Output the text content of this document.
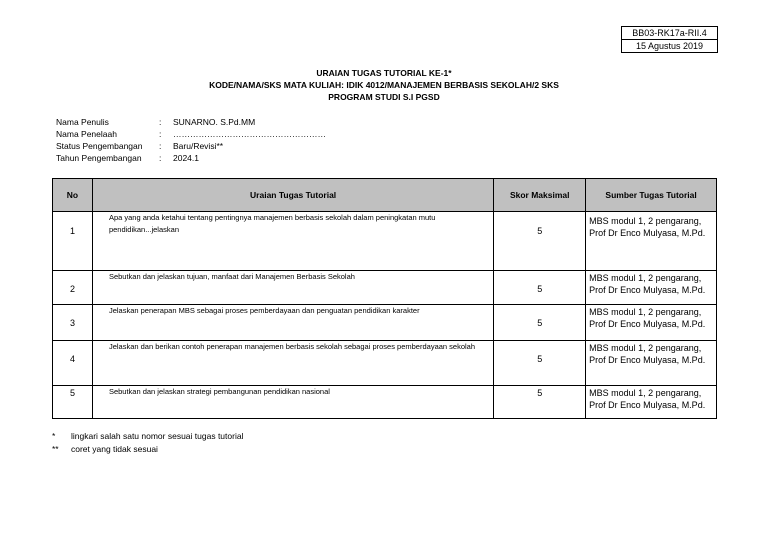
BB03-RK17a-RII.4
15 Agustus 2019
URAIAN TUGAS TUTORIAL KE-1*
KODE/NAMA/SKS MATA KULIAH: IDIK 4012/MANAJEMEN BERBASIS SEKOLAH/2 SKS
PROGRAM STUDI S.I PGSD
Nama Penulis	: SUNARNO. S.Pd.MM
Nama Penelaah	: ………………………………………………
Status Pengembangan : Baru/Revisi**
Tahun Pengembangan : 2024.1
No	Uraian Tugas Tutorial	Skor Maksimal	Sumber Tugas Tutorial
1	Apa yang anda ketahui tentang pentingnya manajemen berbasis sekolah dalam peningkatan mutu pendidikan...jelaskan	5	MBS modul 1, 2 pengarang, Prof Dr Enco Mulyasa, M.Pd.
2	Sebutkan dan jelaskan tujuan, manfaat dari Manajemen Berbasis Sekolah	5	MBS modul 1, 2 pengarang, Prof Dr Enco Mulyasa, M.Pd.
3	Jelaskan penerapan MBS sebagai proses pemberdayaan dan penguatan pendidikan karakter	5	MBS modul 1, 2 pengarang, Prof Dr Enco Mulyasa, M.Pd.
4	Jelaskan dan berikan contoh penerapan manajemen berbasis sekolah sebagai proses pemberdayaan sekolah	5	MBS modul 1, 2 pengarang, Prof Dr Enco Mulyasa, M.Pd.
5	Sebutkan dan jelaskan strategi pembangunan pendidikan nasional	5	MBS modul 1, 2 pengarang, Prof Dr Enco Mulyasa, M.Pd.
* lingkari salah satu nomor sesuai tugas tutorial
** coret yang tidak sesuai
